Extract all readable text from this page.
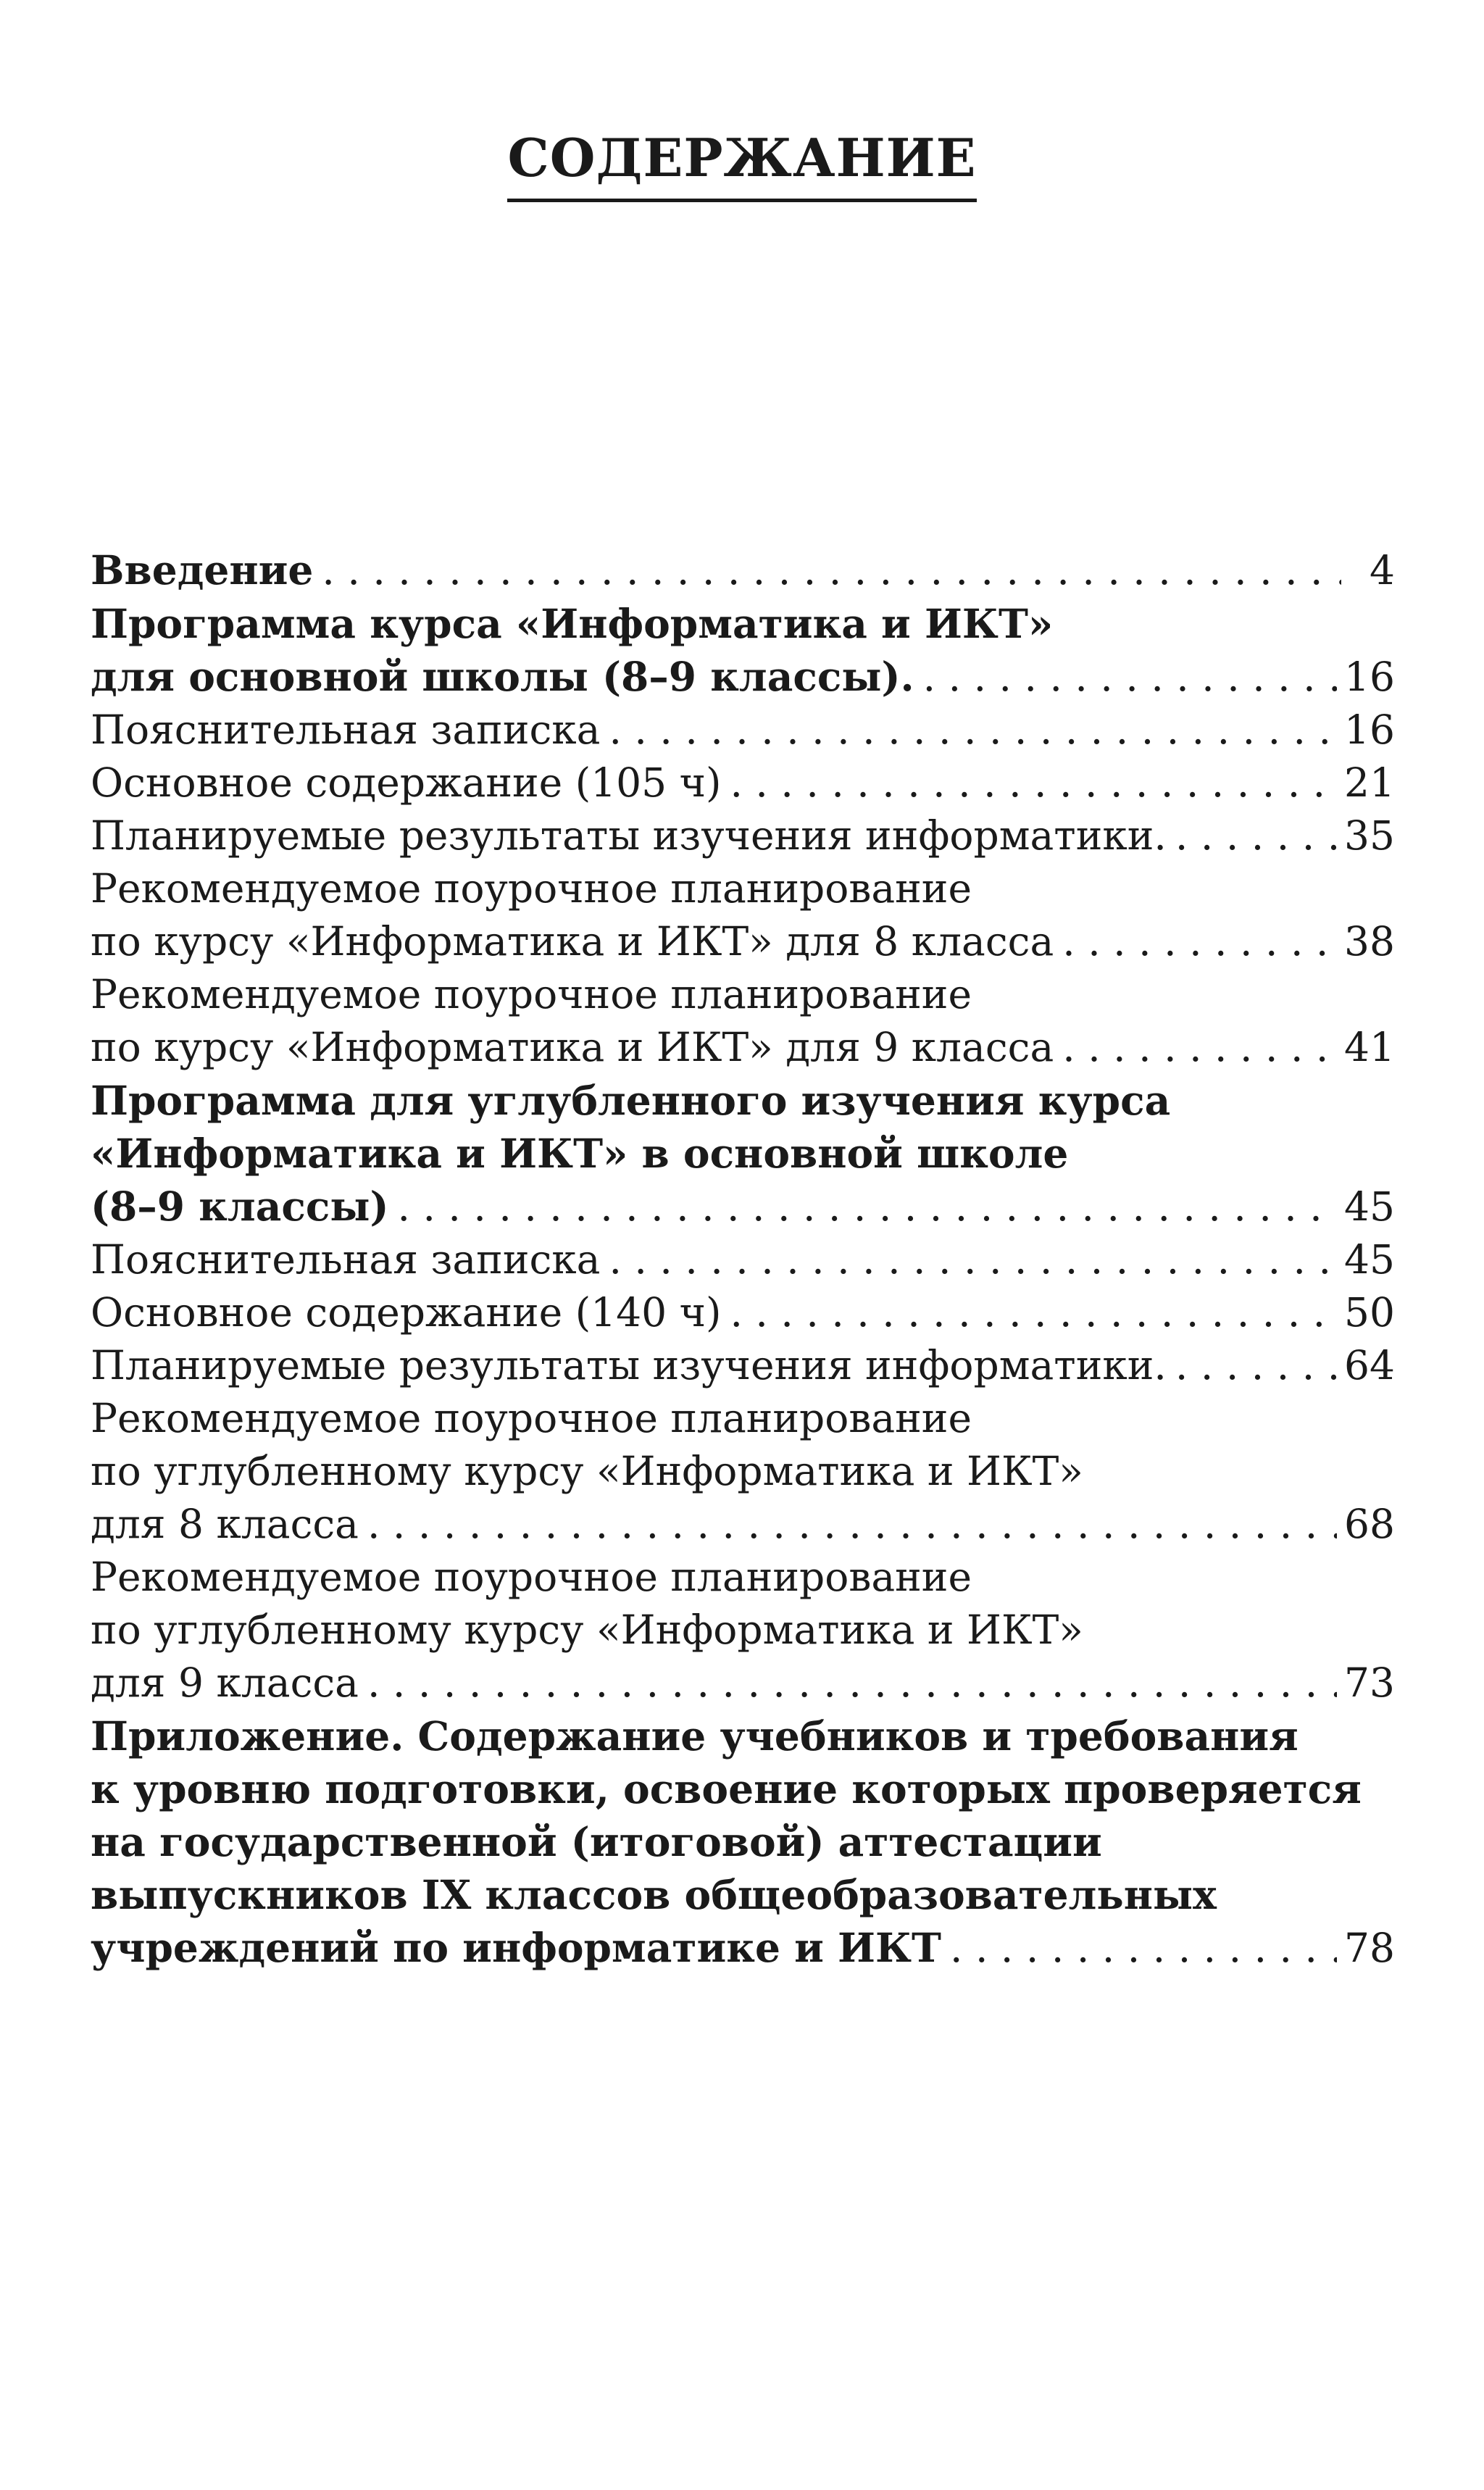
СОДЕРЖАНИЕ
Введение . . .	4
Программа курса «Информатика и ИКТ»
для основной школы (8–9 классы). . . .	16
Пояснительная записка . . .	16
Основное содержание (105 ч) . . .	21
Планируемые результаты изучения информатики. . . .	35
Рекомендуемое поурочное планирование
по курсу «Информатика и ИКТ» для 8 класса . . .	38
Рекомендуемое поурочное планирование
по курсу «Информатика и ИКТ» для 9 класса . . .	41
Программа для углубленного изучения курса
«Информатика и ИКТ» в основной школе
(8–9 классы) . . .	45
Пояснительная записка . . .	45
Основное содержание (140 ч) . . .	50
Планируемые результаты изучения информатики. . . .	64
Рекомендуемое поурочное планирование
по углубленному курсу «Информатика и ИКТ»
для 8 класса . . .	68
Рекомендуемое поурочное планирование
по углубленному курсу «Информатика и ИКТ»
для 9 класса . . .	73
Приложение. Содержание учебников и требования
к уровню подготовки, освоение которых проверяется
на государственной (итоговой) аттестации
выпускников IX классов общеобразовательных
учреждений по информатике и ИКТ . . .	78
